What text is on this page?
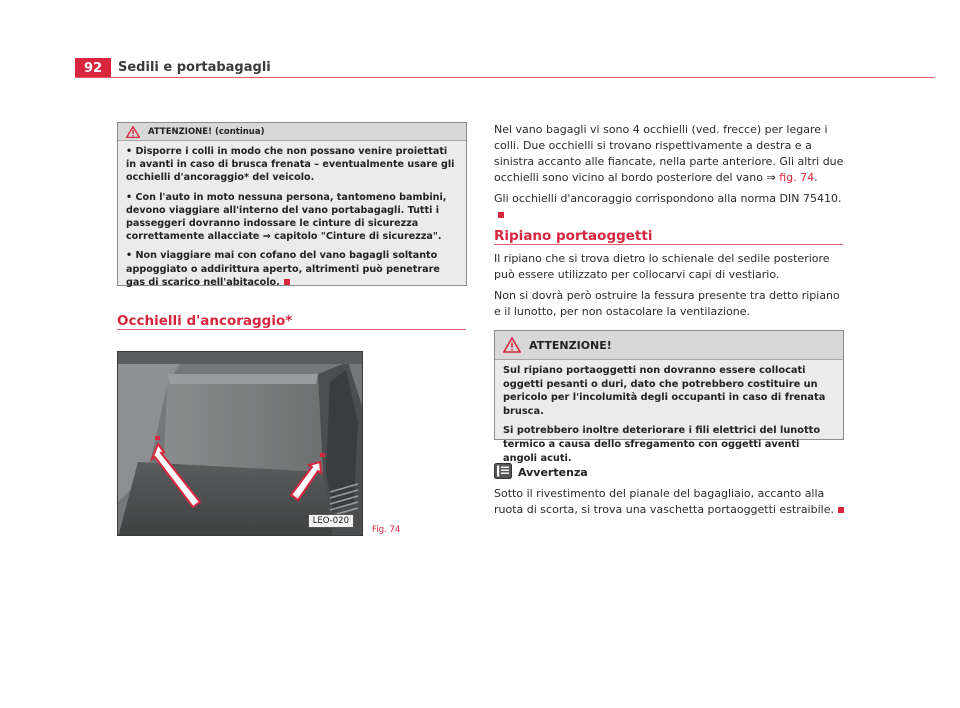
92	Sedili e portabagagli
ATTENZIONE! (continua)

• Disporre i colli in modo che non possano venire proiettati in avanti in caso di brusca frenata – eventualmente usare gli occhielli d'ancoraggio* del veicolo.

• Con l'auto in moto nessuna persona, tantomeno bambini, devono viaggiare all'interno del vano portabagagli. Tutti i passeggeri dovranno indossare le cinture di sicurezza correttamente allacciate ⇒ capitolo "Cinture di sicurezza".

• Non viaggiare mai con cofano del vano bagagli soltanto appoggiato o addirittura aperto, altrimenti può penetrare gas di scarico nell'abitacolo.

Occhielli d'ancoraggio*
LEO-020
Fig. 74

Nel vano bagagli vi sono 4 occhielli (ved. frecce) per legare i colli. Due occhielli si trovano rispettivamente a destra e a sinistra accanto alle fiancate, nella parte anteriore. Gli altri due occhielli sono vicino al bordo posteriore del vano ⇒ fig. 74.

Gli occhielli d'ancoraggio corrispondono alla norma DIN 75410.

Ripiano portaoggetti

Il ripiano che si trova dietro lo schienale del sedile posteriore può essere utilizzato per collocarvi capi di vestiario.

Non si dovrà però ostruire la fessura presente tra detto ripiano e il lunotto, per non ostacolare la ventilazione.

ATTENZIONE!

Sul ripiano portaoggetti non dovranno essere collocati oggetti pesanti o duri, dato che potrebbero costituire un pericolo per l'incolumità degli occupanti in caso di frenata brusca.

Si potrebbero inoltre deteriorare i fili elettrici del lunotto termico a causa dello sfregamento con oggetti aventi angoli acuti.

Avvertenza

Sotto il rivestimento del pianale del bagagliaio, accanto alla ruota di scorta, si trova una vaschetta portaoggetti estraibile.
